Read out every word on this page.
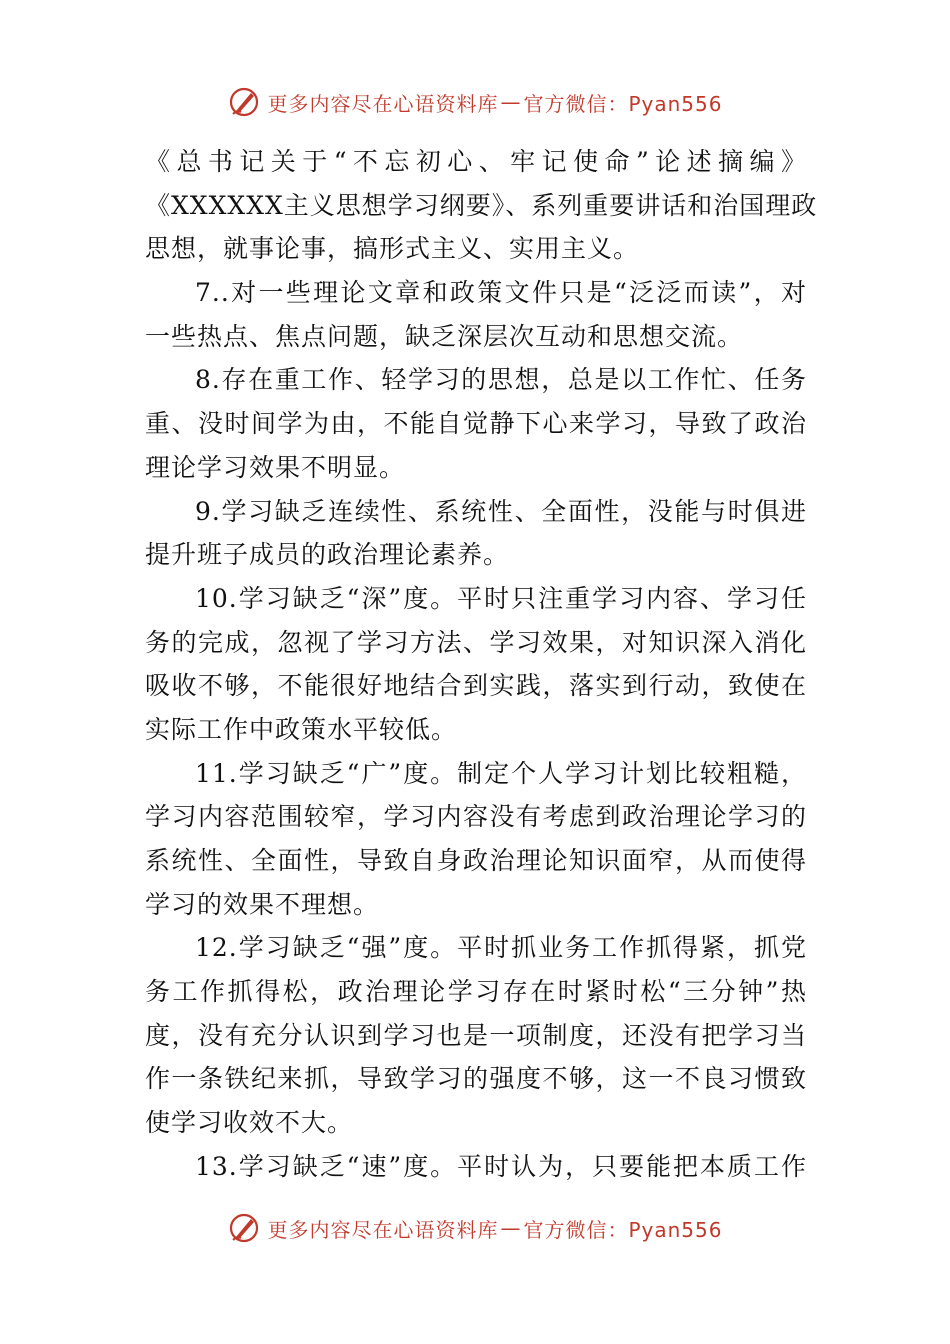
更多内容尽在心语资料库 — 官方微信：Pyan556
《总书记关于“不忘初心、牢记使命”论述摘编》
《XXXXXX主义思想学习纲要》、系列重要讲话和治国理政
思想，就事论事，搞形式主义、实用主义。
7..对一些理论文章和政策文件只是“泛泛而读”，对
一些热点、焦点问题，缺乏深层次互动和思想交流。
8.存在重工作、轻学习的思想，总是以工作忙、任务
重、没时间学为由，不能自觉静下心来学习，导致了政治
理论学习效果不明显。
9.学习缺乏连续性、系统性、全面性，没能与时俱进
提升班子成员的政治理论素养。
10.学习缺乏“深”度。平时只注重学习内容、学习任
务的完成，忽视了学习方法、学习效果，对知识深入消化
吸收不够，不能很好地结合到实践，落实到行动，致使在
实际工作中政策水平较低。
11.学习缺乏“广”度。制定个人学习计划比较粗糙，
学习内容范围较窄，学习内容没有考虑到政治理论学习的
系统性、全面性，导致自身政治理论知识面窄，从而使得
学习的效果不理想。
12.学习缺乏“强”度。平时抓业务工作抓得紧，抓党
务工作抓得松，政治理论学习存在时紧时松“三分钟”热
度，没有充分认识到学习也是一项制度，还没有把学习当
作一条铁纪来抓，导致学习的强度不够，这一不良习惯致
使学习收效不大。
13.学习缺乏“速”度。平时认为，只要能把本质工作
更多内容尽在心语资料库 — 官方微信：Pyan556
